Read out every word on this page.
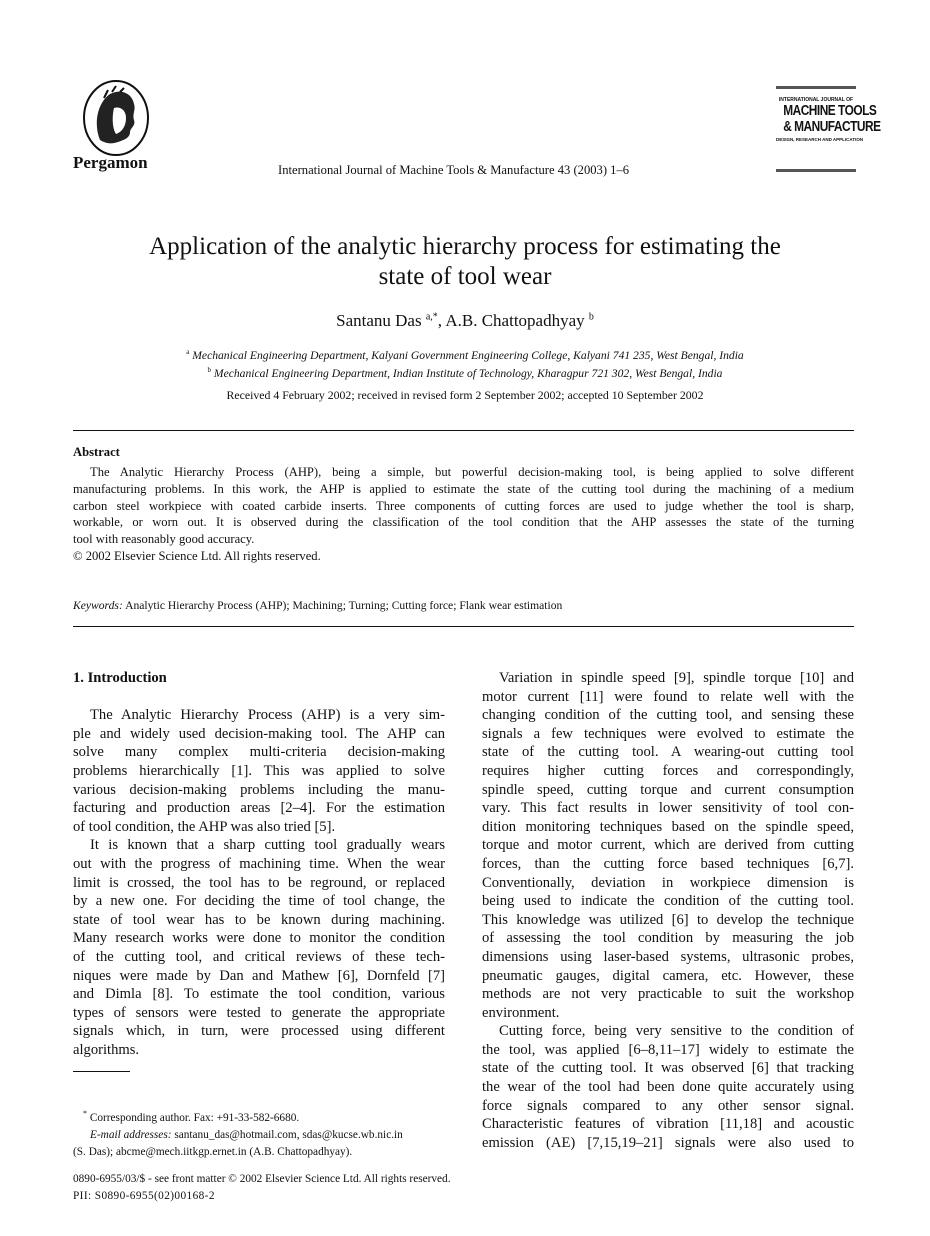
Pergamon	International Journal of Machine Tools & Manufacture 43 (2003) 1–6
INTERNATIONAL JOURNAL OF
MACHINE TOOLS
& MANUFACTURE
DESIGN, RESEARCH AND APPLICATION
Application of the analytic hierarchy process for estimating the
state of tool wear
Santanu Das $^{a,*}$, A.B. Chattopadhyay $^b$
$^a$ Mechanical Engineering Department, Kalyani Government Engineering College, Kalyani 741 235, West Bengal, India
$^b$ Mechanical Engineering Department, Indian Institute of Technology, Kharagpur 721 302, West Bengal, India
Received 4 February 2002; received in revised form 2 September 2002; accepted 10 September 2002
Abstract
The Analytic Hierarchy Process (AHP), being a simple, but powerful decision-making tool, is being applied to solve different
manufacturing problems. In this work, the AHP is applied to estimate the state of the cutting tool during the machining of a medium
carbon steel workpiece with coated carbide inserts. Three components of cutting forces are used to judge whether the tool is sharp,
workable, or worn out. It is observed during the classification of the tool condition that the AHP assesses the state of the turning
tool with reasonably good accuracy.
© 2002 Elsevier Science Ltd. All rights reserved.
Keywords: Analytic Hierarchy Process (AHP); Machining; Turning; Cutting force; Flank wear estimation
1. Introduction
The Analytic Hierarchy Process (AHP) is a very sim-
ple and widely used decision-making tool. The AHP can
solve many complex multi-criteria decision-making
problems hierarchically [1]. This was applied to solve
various decision-making problems including the manu-
facturing and production areas [2–4]. For the estimation
of tool condition, the AHP was also tried [5].
It is known that a sharp cutting tool gradually wears
out with the progress of machining time. When the wear
limit is crossed, the tool has to be reground, or replaced
by a new one. For deciding the time of tool change, the
state of tool wear has to be known during machining.
Many research works were done to monitor the condition
of the cutting tool, and critical reviews of these tech-
niques were made by Dan and Mathew [6], Dornfeld [7]
and Dimla [8]. To estimate the tool condition, various
types of sensors were tested to generate the appropriate
signals which, in turn, were processed using different
algorithms.
Variation in spindle speed [9], spindle torque [10] and
motor current [11] were found to relate well with the
changing condition of the cutting tool, and sensing these
signals a few techniques were evolved to estimate the
state of the cutting tool. A wearing-out cutting tool
requires higher cutting forces and correspondingly,
spindle speed, cutting torque and current consumption
vary. This fact results in lower sensitivity of tool con-
dition monitoring techniques based on the spindle speed,
torque and motor current, which are derived from cutting
forces, than the cutting force based techniques [6,7].
Conventionally, deviation in workpiece dimension is
being used to indicate the condition of the cutting tool.
This knowledge was utilized [6] to develop the technique
of assessing the tool condition by measuring the job
dimensions using laser-based systems, ultrasonic probes,
pneumatic gauges, digital camera, etc. However, these
methods are not very practicable to suit the workshop
environment.
Cutting force, being very sensitive to the condition of
the tool, was applied [6–8,11–17] widely to estimate the
state of the cutting tool. It was observed [6] that tracking
the wear of the tool had been done quite accurately using
force signals compared to any other sensor signal.
Characteristic features of vibration [11,18] and acoustic
emission (AE) [7,15,19–21] signals were also used to
* Corresponding author. Fax: +91-33-582-6680.
E-mail addresses: santanu_das@hotmail.com, sdas@kucse.wb.nic.in
(S. Das); abcme@mech.iitkgp.ernet.in (A.B. Chattopadhyay).
0890-6955/03/$ - see front matter © 2002 Elsevier Science Ltd. All rights reserved.
PII: S0890-6955(02)00168-2
